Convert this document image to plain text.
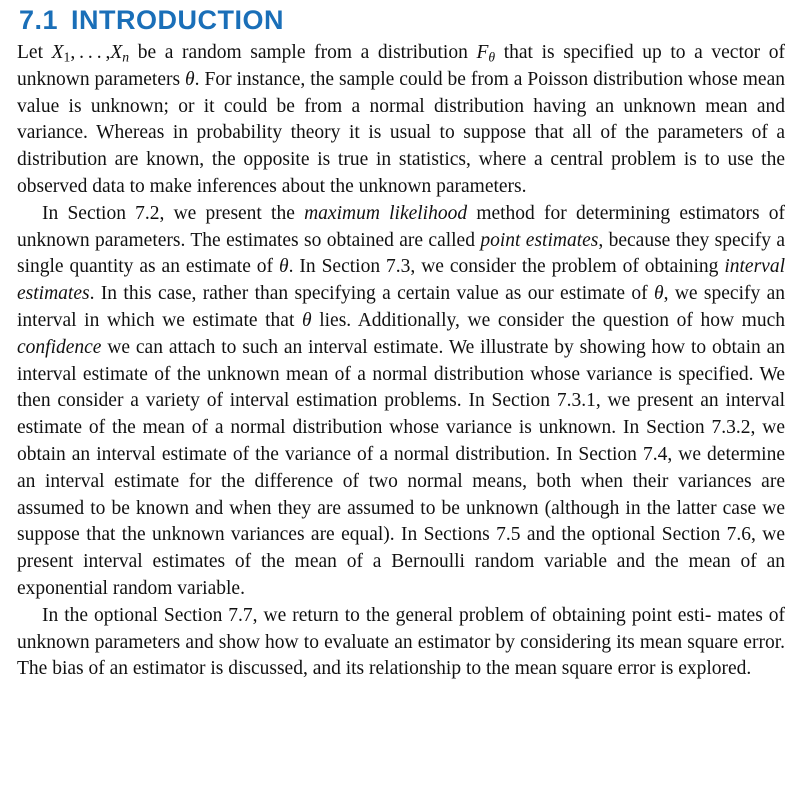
7.1 INTRODUCTION

Let $X_1$, . . . $,X_n$ be a random sample from a distribution $F_\theta$ that is specified up to a vector of unknown parameters θ. For instance, the sample could be from a Poisson distribution whose mean value is unknown; or it could be from a normal distribution having an unknown mean and variance. Whereas in probability theory it is usual to suppose that all of the parameters of a distribution are known, the opposite is true in statistics, where a central problem is to use the observed data to make inferences about the unknown parameters.

In Section 7.2, we present the maximum likelihood method for determining estimators of unknown parameters. The estimates so obtained are called point estimates, because they specify a single quantity as an estimate of θ. In Section 7.3, we consider the problem of obtaining interval estimates. In this case, rather than specifying a certain value as our estimate of θ, we specify an interval in which we estimate that θ lies. Additionally, we consider the question of how much confidence we can attach to such an interval estimate. We illustrate by showing how to obtain an interval estimate of the unknown mean of a normal distribution whose variance is specified. We then consider a variety of interval estimation problems. In Section 7.3.1, we present an interval estimate of the mean of a normal distribution whose variance is unknown. In Section 7.3.2, we obtain an interval estimate of the variance of a normal distribution. In Section 7.4, we determine an interval estimate for the difference of two normal means, both when their variances are assumed to be known and when they are assumed to be unknown (although in the latter case we suppose that the unknown variances are equal). In Sections 7.5 and the optional Section 7.6, we present interval estimates of the mean of a Bernoulli random variable and the mean of an exponential random variable.

In the optional Section 7.7, we return to the general problem of obtaining point esti- mates of unknown parameters and show how to evaluate an estimator by considering its mean square error. The bias of an estimator is discussed, and its relationship to the mean square error is explored.
